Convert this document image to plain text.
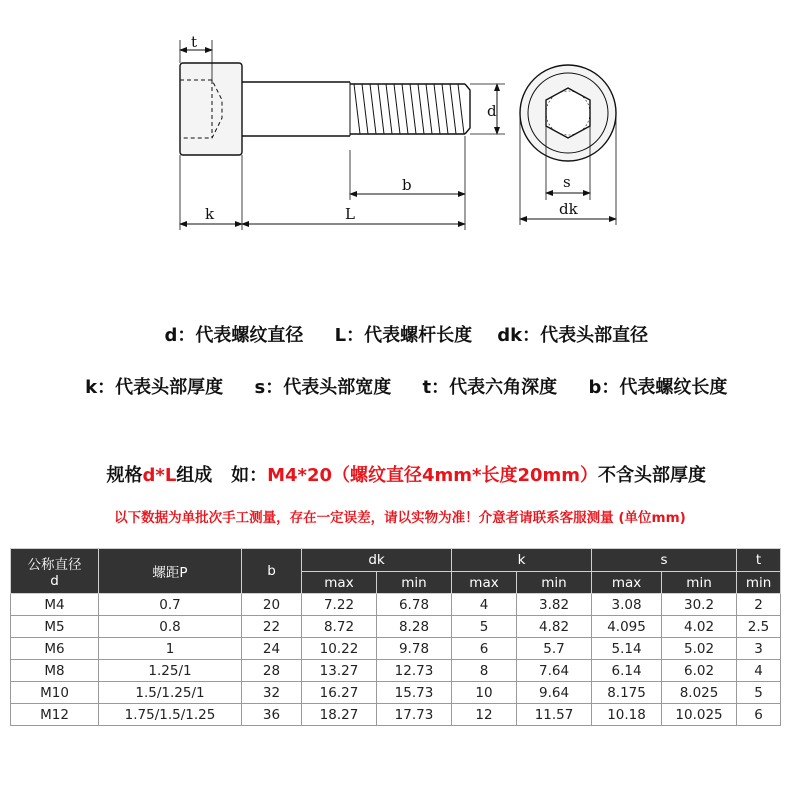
t
d
b
k	L
s
dk

d：代表螺纹直径 L：代表螺杆长度 dk：代表头部直径

k：代表头部厚度 s：代表头部宽度 t：代表六角深度 b：代表螺纹长度

规格d*L组成   如：M4*20（螺纹直径4mm*长度20mm）不含头部厚度

以下数据为单批次手工测量，存在一定误差，请以实物为准！介意者请联系客服测量 (单位mm)
公称直径
d	螺距P	b	dk		k		s		t
			max	min	max	min	max	min	min
M4	0.7	20	7.22	6.78	4	3.82	3.08	30.2	2
M5	0.8	22	8.72	8.28	5	4.82	4.095	4.02	2.5
M6	1	24	10.22	9.78	6	5.7	5.14	5.02	3
M8	1.25/1	28	13.27	12.73	8	7.64	6.14	6.02	4
M10	1.5/1.25/1	32	16.27	15.73	10	9.64	8.175	8.025	5
M12	1.75/1.5/1.25	36	18.27	17.73	12	11.57	10.18	10.025	6
